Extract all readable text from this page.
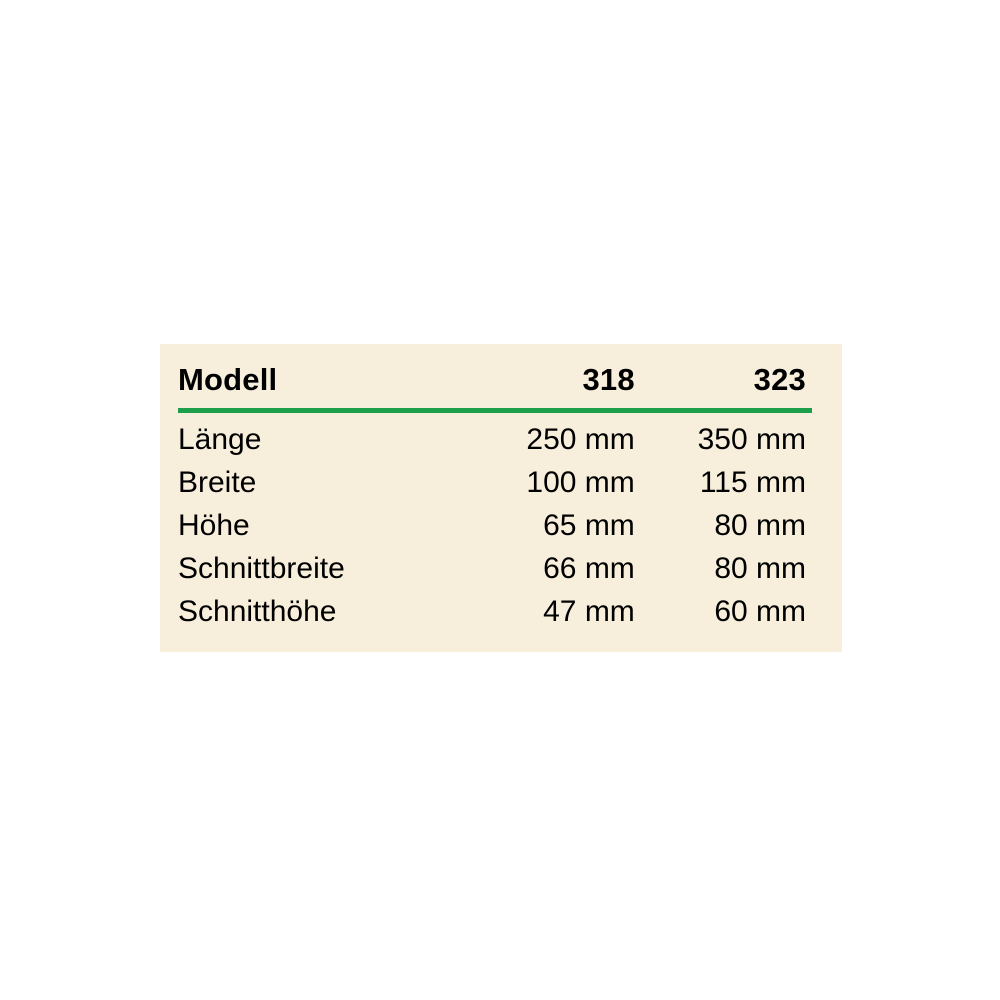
Modell	318	323

Länge	250 mm	350 mm
Breite	100 mm	115 mm
Höhe	65 mm	80 mm
Schnittbreite	66 mm	80 mm
Schnitthöhe	47 mm	60 mm
